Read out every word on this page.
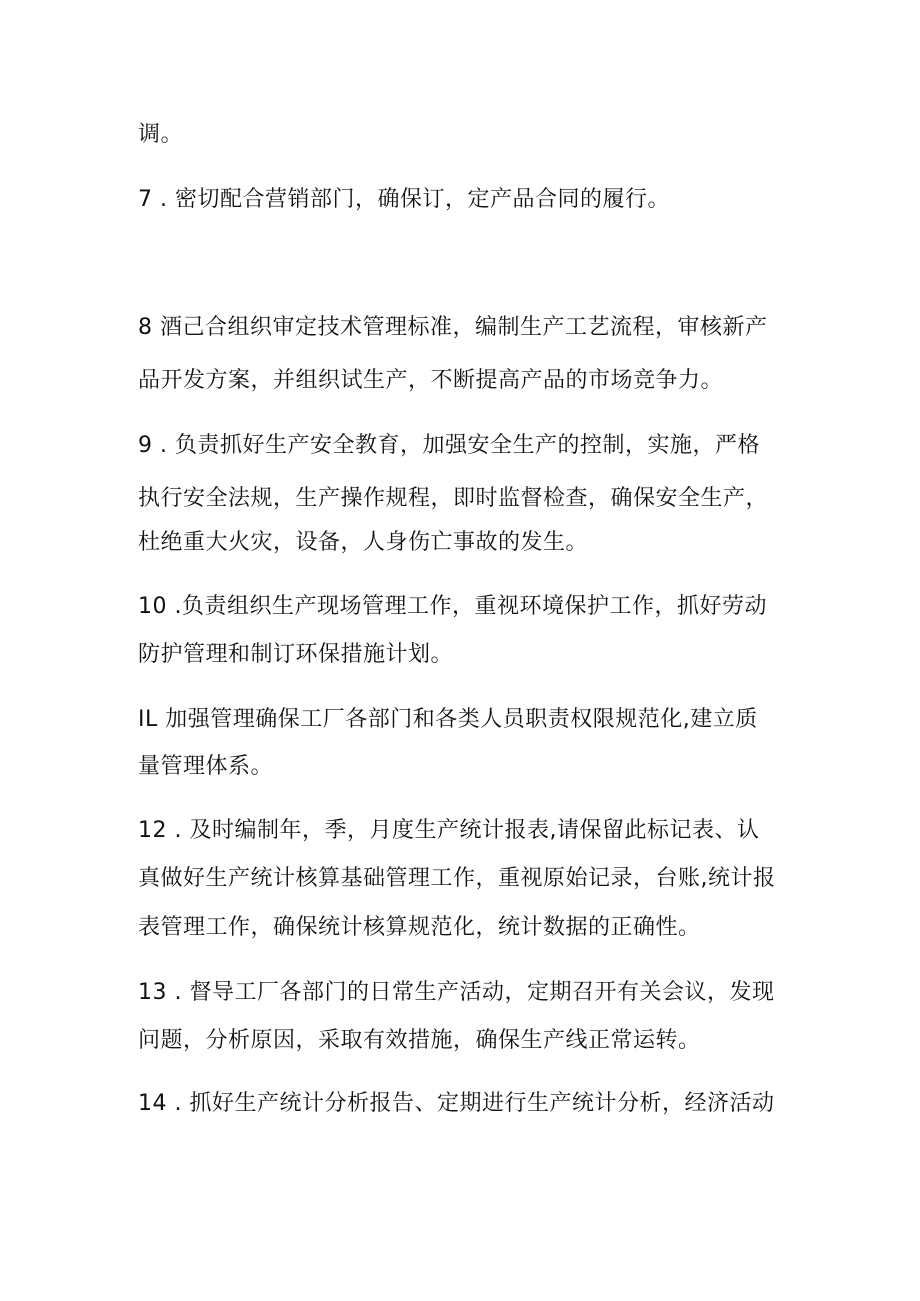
调。
7 . 密切配合营销部门，确保订，定产品合同的履行。
8 酒己合组织审定技术管理标准，编制生产工艺流程，审核新产
品开发方案，并组织试生产，不断提高产品的市场竞争力。
9 . 负责抓好生产安全教育，加强安全生产的控制，实施，严格
执行安全法规，生产操作规程，即时监督检查，确保安全生产，
杜绝重大火灾，设备，人身伤亡事故的发生。
10 .负责组织生产现场管理工作，重视环境保护工作，抓好劳动
防护管理和制订环保措施计划。
IL 加强管理确保工厂各部门和各类人员职责权限规范化,建立质
量管理体系。
12 . 及时编制年，季，月度生产统计报表,请保留此标记表、认
真做好生产统计核算基础管理工作，重视原始记录，台账,统计报
表管理工作，确保统计核算规范化，统计数据的正确性。
13 . 督导工厂各部门的日常生产活动，定期召开有关会议，发现
问题，分析原因，采取有效措施，确保生产线正常运转。
14 . 抓好生产统计分析报告、定期进行生产统计分析，经济活动
